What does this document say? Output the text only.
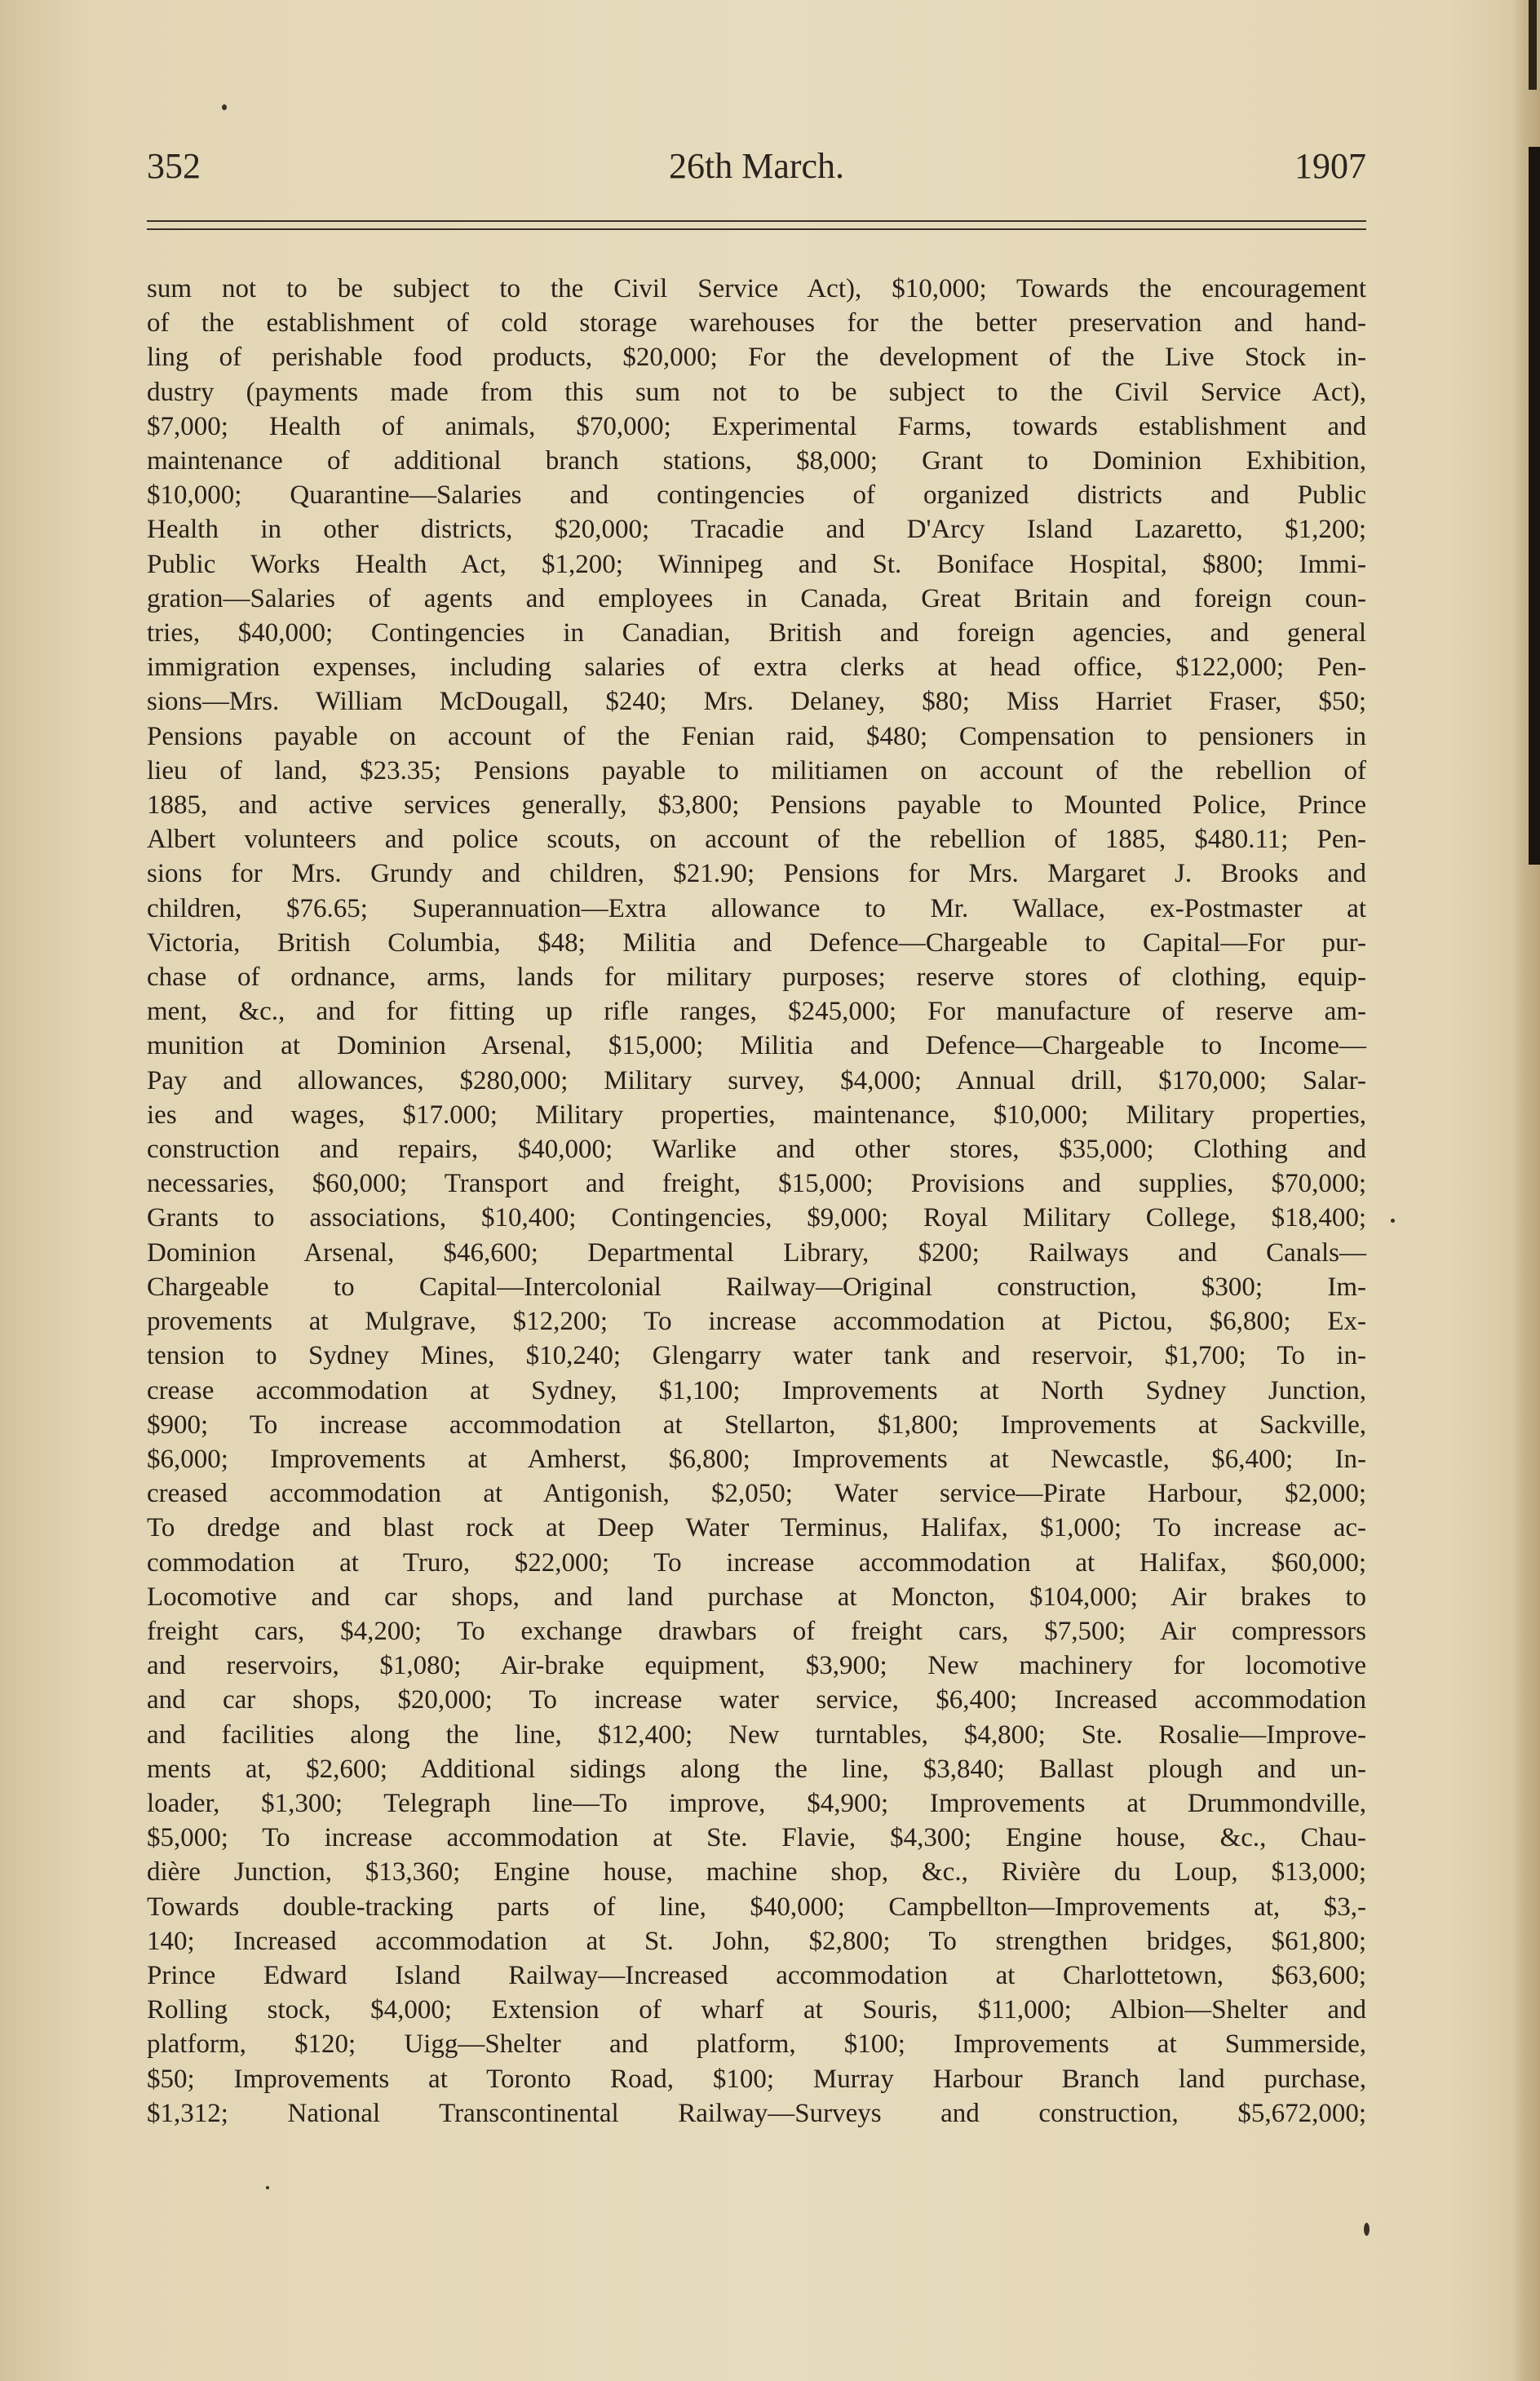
352	26th March.	1907

sum not to be subject to the Civil Service Act), $10,000; Towards the encouragement
of the establishment of cold storage warehouses for the better preservation and hand-
ling of perishable food products, $20,000; For the development of the Live Stock in-
dustry (payments made from this sum not to be subject to the Civil Service Act),
$7,000; Health of animals, $70,000; Experimental Farms, towards establishment and
maintenance of additional branch stations, $8,000; Grant to Dominion Exhibition,
$10,000; Quarantine—Salaries and contingencies of organized districts and Public
Health in other districts, $20,000; Tracadie and D'Arcy Island Lazaretto, $1,200;
Public Works Health Act, $1,200; Winnipeg and St. Boniface Hospital, $800; Immi-
gration—Salaries of agents and employees in Canada, Great Britain and foreign coun-
tries, $40,000; Contingencies in Canadian, British and foreign agencies, and general
immigration expenses, including salaries of extra clerks at head office, $122,000; Pen-
sions—Mrs. William McDougall, $240; Mrs. Delaney, $80; Miss Harriet Fraser, $50;
Pensions payable on account of the Fenian raid, $480; Compensation to pensioners in
lieu of land, $23.35; Pensions payable to militiamen on account of the rebellion of
1885, and active services generally, $3,800; Pensions payable to Mounted Police, Prince
Albert volunteers and police scouts, on account of the rebellion of 1885, $480.11; Pen-
sions for Mrs. Grundy and children, $21.90; Pensions for Mrs. Margaret J. Brooks and
children, $76.65; Superannuation—Extra allowance to Mr. Wallace, ex-Postmaster at
Victoria, British Columbia, $48; Militia and Defence—Chargeable to Capital—For pur-
chase of ordnance, arms, lands for military purposes; reserve stores of clothing, equip-
ment, &c., and for fitting up rifle ranges, $245,000; For manufacture of reserve am-
munition at Dominion Arsenal, $15,000; Militia and Defence—Chargeable to Income—
Pay and allowances, $280,000; Military survey, $4,000; Annual drill, $170,000; Salar-
ies and wages, $17.000; Military properties, maintenance, $10,000; Military properties,
construction and repairs, $40,000; Warlike and other stores, $35,000; Clothing and
necessaries, $60,000; Transport and freight, $15,000; Provisions and supplies, $70,000;
Grants to associations, $10,400; Contingencies, $9,000; Royal Military College, $18,400;
Dominion Arsenal, $46,600; Departmental Library, $200; Railways and Canals—
Chargeable to Capital—Intercolonial Railway—Original construction, $300; Im-
provements at Mulgrave, $12,200; To increase accommodation at Pictou, $6,800; Ex-
tension to Sydney Mines, $10,240; Glengarry water tank and reservoir, $1,700; To in-
crease accommodation at Sydney, $1,100; Improvements at North Sydney Junction,
$900; To increase accommodation at Stellarton, $1,800; Improvements at Sackville,
$6,000; Improvements at Amherst, $6,800; Improvements at Newcastle, $6,400; In-
creased accommodation at Antigonish, $2,050; Water service—Pirate Harbour, $2,000;
To dredge and blast rock at Deep Water Terminus, Halifax, $1,000; To increase ac-
commodation at Truro, $22,000; To increase accommodation at Halifax, $60,000;
Locomotive and car shops, and land purchase at Moncton, $104,000; Air brakes to
freight cars, $4,200; To exchange drawbars of freight cars, $7,500; Air compressors
and reservoirs, $1,080; Air-brake equipment, $3,900; New machinery for locomotive
and car shops, $20,000; To increase water service, $6,400; Increased accommodation
and facilities along the line, $12,400; New turntables, $4,800; Ste. Rosalie—Improve-
ments at, $2,600; Additional sidings along the line, $3,840; Ballast plough and un-
loader, $1,300; Telegraph line—To improve, $4,900; Improvements at Drummondville,
$5,000; To increase accommodation at Ste. Flavie, $4,300; Engine house, &c., Chau-
dière Junction, $13,360; Engine house, machine shop, &c., Rivière du Loup, $13,000;
Towards double-tracking parts of line, $40,000; Campbellton—Improvements at, $3,-
140; Increased accommodation at St. John, $2,800; To strengthen bridges, $61,800;
Prince Edward Island Railway—Increased accommodation at Charlottetown, $63,600;
Rolling stock, $4,000; Extension of wharf at Souris, $11,000; Albion—Shelter and
platform, $120; Uigg—Shelter and platform, $100; Improvements at Summerside,
$50; Improvements at Toronto Road, $100; Murray Harbour Branch land purchase,
$1,312; National Transcontinental Railway—Surveys and construction, $5,672,000;
